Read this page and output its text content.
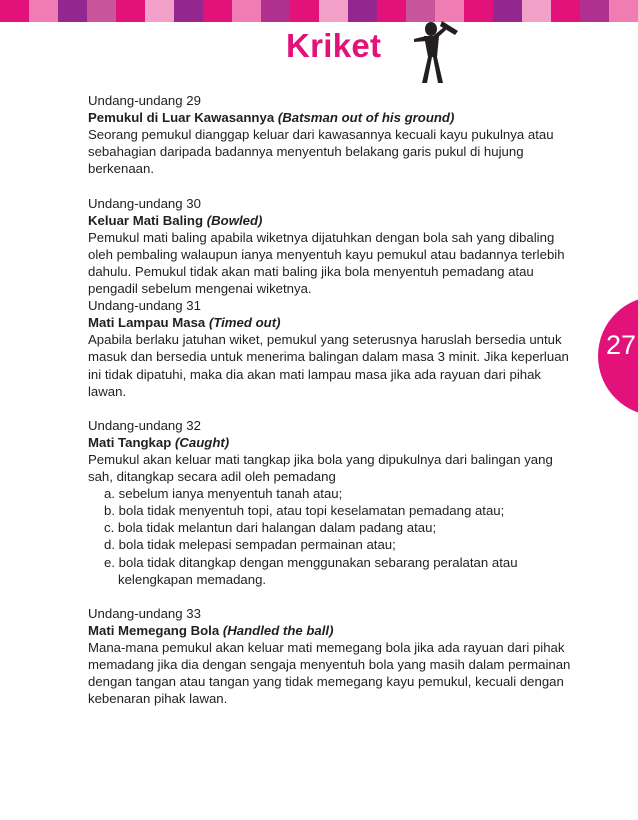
Kriket
27

Undang-undang 29

Pemukul di Luar Kawasannya (Batsman out of his ground)

Seorang pemukul dianggap keluar dari kawasannya kecuali kayu pukulnya atau

sebahagian daripada badannya menyentuh belakang garis pukul di hujung

berkenaan.

Undang-undang 30

Keluar Mati Baling (Bowled)

Pemukul mati baling apabila wiketnya dijatuhkan dengan bola sah yang dibaling

oleh pembaling walaupun ianya menyentuh kayu pemukul atau badannya terlebih

dahulu. Pemukul tidak akan mati baling jika bola menyentuh pemadang atau

pengadil sebelum mengenai wiketnya.

Undang-undang 31

Mati Lampau Masa (Timed out)

Apabila berlaku jatuhan wiket, pemukul yang seterusnya haruslah bersedia untuk

masuk dan bersedia untuk menerima balingan dalam masa 3 minit. Jika keperluan

ini tidak dipatuhi, maka dia akan mati lampau masa jika ada rayuan dari pihak

lawan.

Undang-undang 32

Mati Tangkap (Caught)

Pemukul akan keluar mati tangkap jika bola yang dipukulnya dari balingan yang

sah, ditangkap secara adil oleh pemadang

a. sebelum ianya menyentuh tanah atau;

b. bola tidak menyentuh topi, atau topi keselamatan pemadang atau;

c. bola tidak melantun dari halangan dalam padang atau;

d. bola tidak melepasi sempadan permainan atau;

e. bola tidak ditangkap dengan menggunakan sebarang peralatan atau

kelengkapan memadang.

Undang-undang 33

Mati Memegang Bola (Handled the ball)

Mana-mana pemukul akan keluar mati memegang bola jika ada rayuan dari pihak

memadang jika dia dengan sengaja menyentuh bola yang masih dalam permainan

dengan tangan atau tangan yang tidak memegang kayu pemukul, kecuali dengan

kebenaran pihak lawan.
